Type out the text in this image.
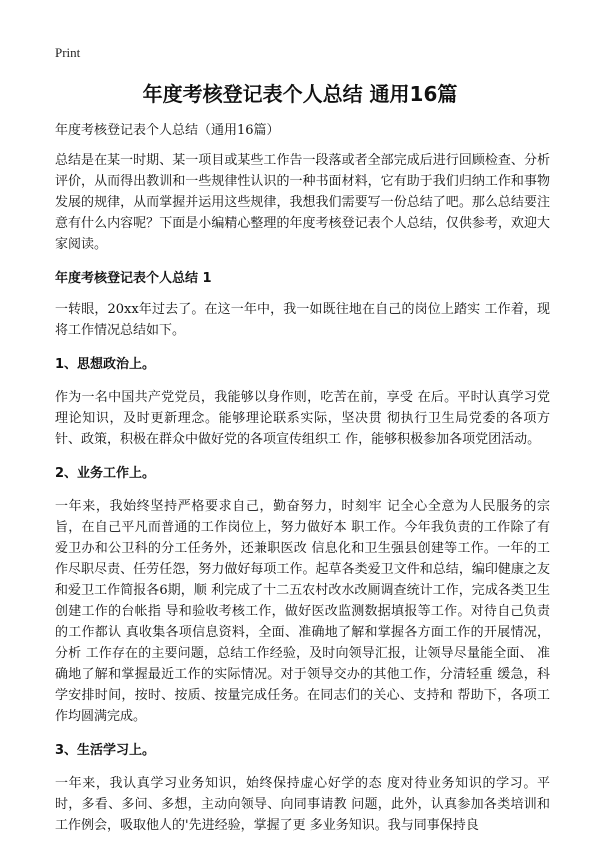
Print
年度考核登记表个人总结 通用16篇

年度考核登记表个人总结（通用16篇）

总结是在某一时期、某一项目或某些工作告一段落或者全部完成后进行回顾检查、分析评价，从而得出教训和一些规律性认识的一种书面材料，它有助于我们归纳工作和事物发展的规律，从而掌握并运用这些规律，我想我们需要写一份总结了吧。那么总结要注意有什么内容呢？下面是小编精心整理的年度考核登记表个人总结，仅供参考，欢迎大家阅读。

年度考核登记表个人总结 1

一转眼，20xx年过去了。在这一年中，我一如既往地在自己的岗位上踏实 工作着，现将工作情况总结如下。

1、思想政治上。

作为一名中国共产党党员，我能够以身作则，吃苦在前，享受 在后。平时认真学习党理论知识，及时更新理念。能够理论联系实际，坚决贯 彻执行卫生局党委的各项方针、政策，积极在群众中做好党的各项宣传组织工 作，能够积极参加各项党团活动。

2、业务工作上。

一年来，我始终坚持严格要求自己，勤奋努力，时刻牢 记全心全意为人民服务的宗旨，在自己平凡而普通的工作岗位上，努力做好本 职工作。今年我负责的工作除了有爱卫办和公卫科的分工任务外，还兼职医改 信息化和卫生强县创建等工作。一年的工作尽职尽责、任劳任怨，努力做好每项工作。起草各类爱卫文件和总结，编印健康之友和爱卫工作简报各6期，顺 利完成了十二五农村改水改厕调查统计工作，完成各类卫生创建工作的台帐指 导和验收考核工作，做好医改监测数据填报等工作。对待自己负责的工作都认 真收集各项信息资料，全面、准确地了解和掌握各方面工作的开展情况，分析 工作存在的主要问题，总结工作经验，及时向领导汇报，让领导尽量能全面、 准确地了解和掌握最近工作的实际情况。对于领导交办的其他工作，分清轻重 缓急，科学安排时间，按时、按质、按量完成任务。在同志们的关心、支持和 帮助下，各项工作均圆满完成。

3、生活学习上。

一年来，我认真学习业务知识，始终保持虚心好学的态 度对待业务知识的学习。平时，多看、多问、多想，主动向领导、向同事请教 问题，此外，认真参加各类培训和工作例会，吸取他人的'先进经验，掌握了更 多业务知识。我与同事保持良
